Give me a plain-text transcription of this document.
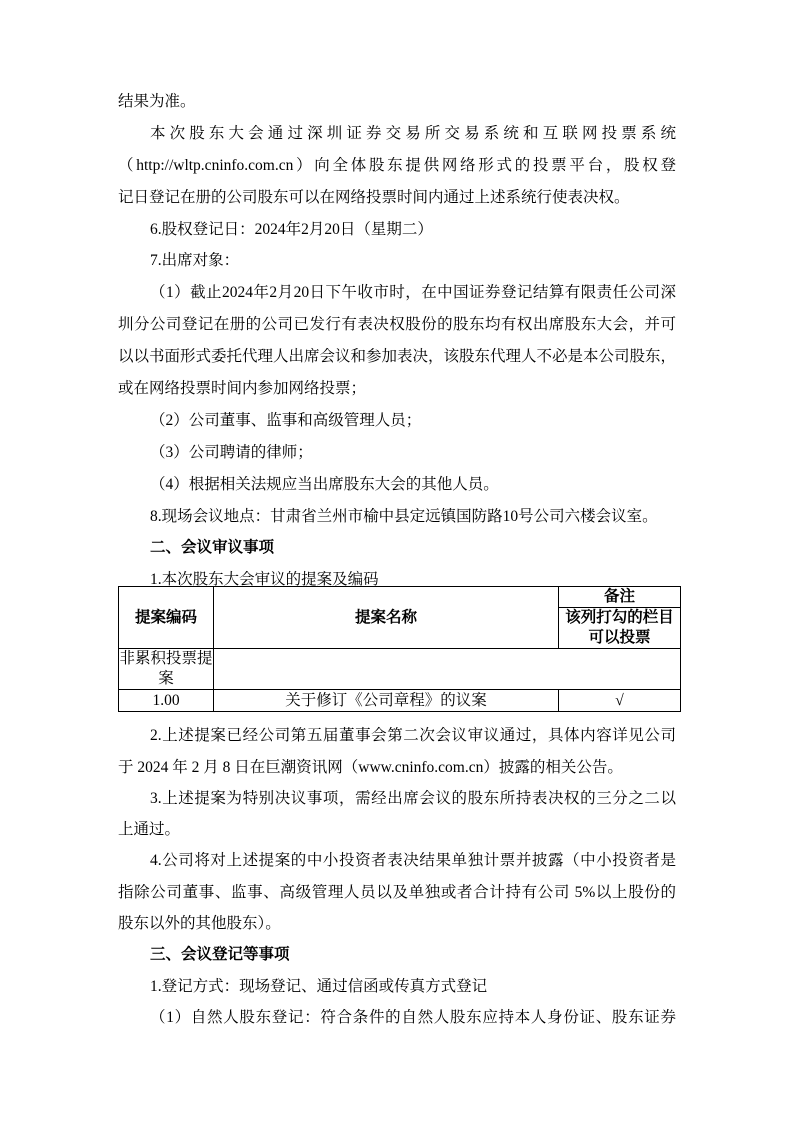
结果为准。
本次股东大会通过深圳证券交易所交易系统和互联网投票系统
（http://wltp.cninfo.com.cn）向全体股东提供网络形式的投票平台，股权登
记日登记在册的公司股东可以在网络投票时间内通过上述系统行使表决权。
6.股权登记日：2024年2月20日（星期二）
7.出席对象：
（1）截止2024年2月20日下午收市时，在中国证券登记结算有限责任公司深
圳分公司登记在册的公司已发行有表决权股份的股东均有权出席股东大会，并可
以以书面形式委托代理人出席会议和参加表决，该股东代理人不必是本公司股东，
或在网络投票时间内参加网络投票；
（2）公司董事、监事和高级管理人员；
（3）公司聘请的律师；
（4）根据相关法规应当出席股东大会的其他人员。
8.现场会议地点：甘肃省兰州市榆中县定远镇国防路10号公司六楼会议室。
二、会议审议事项
1.本次股东大会审议的提案及编码
提案编码	提案名称	备注
		该列打勾的栏目可以投票
非累积投票提案		
1.00	关于修订《公司章程》的议案	√
2.上述提案已经公司第五届董事会第二次会议审议通过，具体内容详见公司
于 2024 年 2 月 8 日在巨潮资讯网（www.cninfo.com.cn）披露的相关公告。
3.上述提案为特别决议事项，需经出席会议的股东所持表决权的三分之二以
上通过。
4.公司将对上述提案的中小投资者表决结果单独计票并披露（中小投资者是
指除公司董事、监事、高级管理人员以及单独或者合计持有公司 5%以上股份的
股东以外的其他股东）。
三、会议登记等事项
1.登记方式：现场登记、通过信函或传真方式登记
（1）自然人股东登记：符合条件的自然人股东应持本人身份证、股东证券
